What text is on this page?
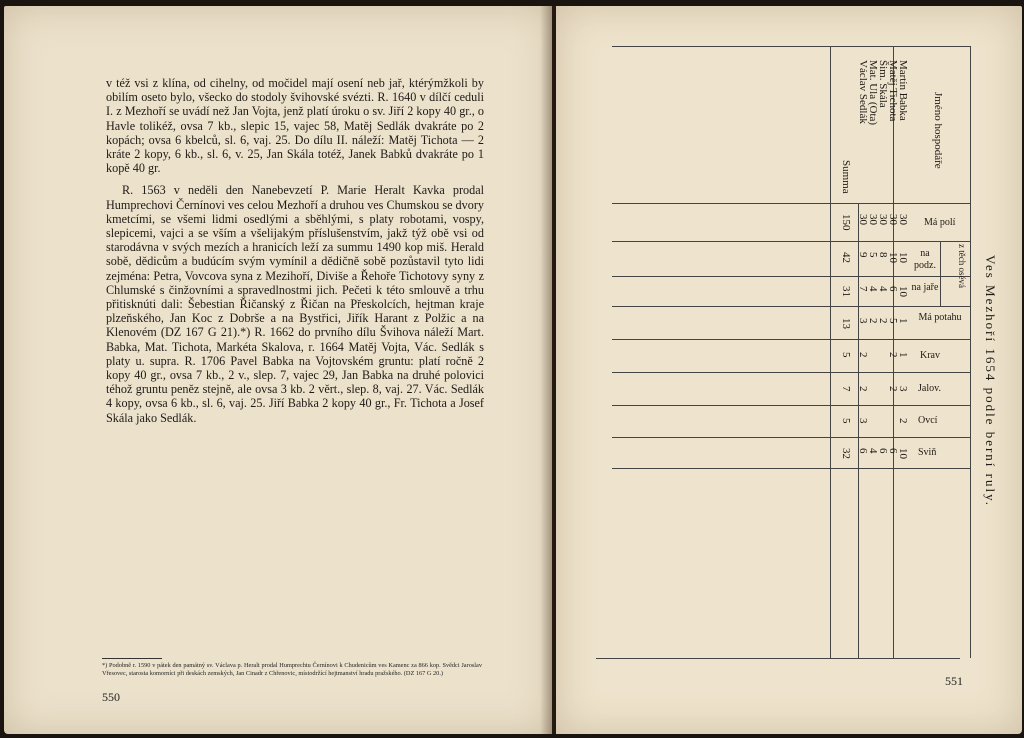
v též vsi z klína, od cihelny, od močidel mají osení neb jař, ktérýmžkoli by obilím oseto bylo, všecko do stodoly švihovské svézti. R. 1640 v dílčí ceduli I. z Mezhoří se uvádí než Jan Vojta, jenž platí úroku o sv. Jiří 2 kopy 40 gr., o Havle tolikéž, ovsa 7 kb., slepic 15, vajec 58, Matěj Sedlák dvakráte po 2 kopách; ovsa 6 kbelců, sl. 6, vaj. 25. Do dílu II. náleží: Matěj Tichota — 2 kráte 2 kopy, 6 kb., sl. 6, v. 25, Jan Skála totéž, Janek Babků dvakráte po 1 kopě 40 gr.

R. 1563 v neděli den Nanebevzetí P. Marie Heralt Kavka prodal Humprechovi Černínovi ves celou Mezhoří a druhou ves Chumskou se dvory kmetcími, se všemi lidmi osedlými a sběhlými, s platy robotami, vospy, slepicemi, vajci a se vším a všelijakým příslušenstvím, jakž týž obě vsi od starodávna v svých mezích a hranicích leží za summu 1490 kop miš. Herald sobě, dědicům a budúcím svým vymínil a dědičně sobě pozůstavil tyto lidi zejména: Petra, Vovcova syna z Mezihoří, Diviše a Řehoře Tichotovy syny z Chlumské s činžovními a spravedlnostmi jich. Pečeti k této smlouvě a trhu přitisknúti dali: Šebestian Řičanský z Řičan na Přeskolcích, hejtman kraje plzeňského, Jan Koc z Dobrše a na Bystřici, Jiřík Harant z Polžic a na Klenovém (DZ 167 G 21).*) R. 1662 do prvního dílu Švihova náleží Mart. Babka, Mat. Tichota, Markéta Skalova, r. 1664 Matěj Vojta, Vác. Sedlák s platy u. supra. R. 1706 Pavel Babka na Vojtovském gruntu: platí ročně 2 kopy 40 gr., ovsa 7 kb., 2 v., slep. 7, vajec 29, Jan Babka na druhé polovici téhož gruntu peněz stejně, ale ovsa 3 kb. 2 věrt., slep. 8, vaj. 27. Vác. Sedlák 4 kopy, ovsa 6 kb., sl. 6, vaj. 25. Jiří Babka 2 kopy 40 gr., Fr. Tichota a Josef Skála jako Sedlák.

*) Podobně r. 1590 v pátek den památný sv. Václava p. Heralt prodal Humprechtu Černínovi k Chudenicům ves Kamenc za 866 kop. Svědci Jaroslav Vřesovec, starosta komorníci při deskách zemských, Jan Cinadr z Chřenovic, místodržící hejtmanství hradu pražského. (DZ 167 G 20.)
550
Ves Mezhoří 1654 podle berní ruly.
Jméno hospodáře
Má polí
z těch osévá
na podz.
na jaře
Má potahu
Krav
Jalov.
Ovcí
Sviň
Martin Babka
Matěj Tichota
Šim. Skála
Mat. Ula (Ota)
Václav Sedlák
Summa
30
30
30
30
30
10
10
8
5
9
10
6
4
4
7
1
5
2
2
3
1
2
2
3
2
2
2
3
10
6
6
4
6
150
42
31
13
5
7
5
32
551
